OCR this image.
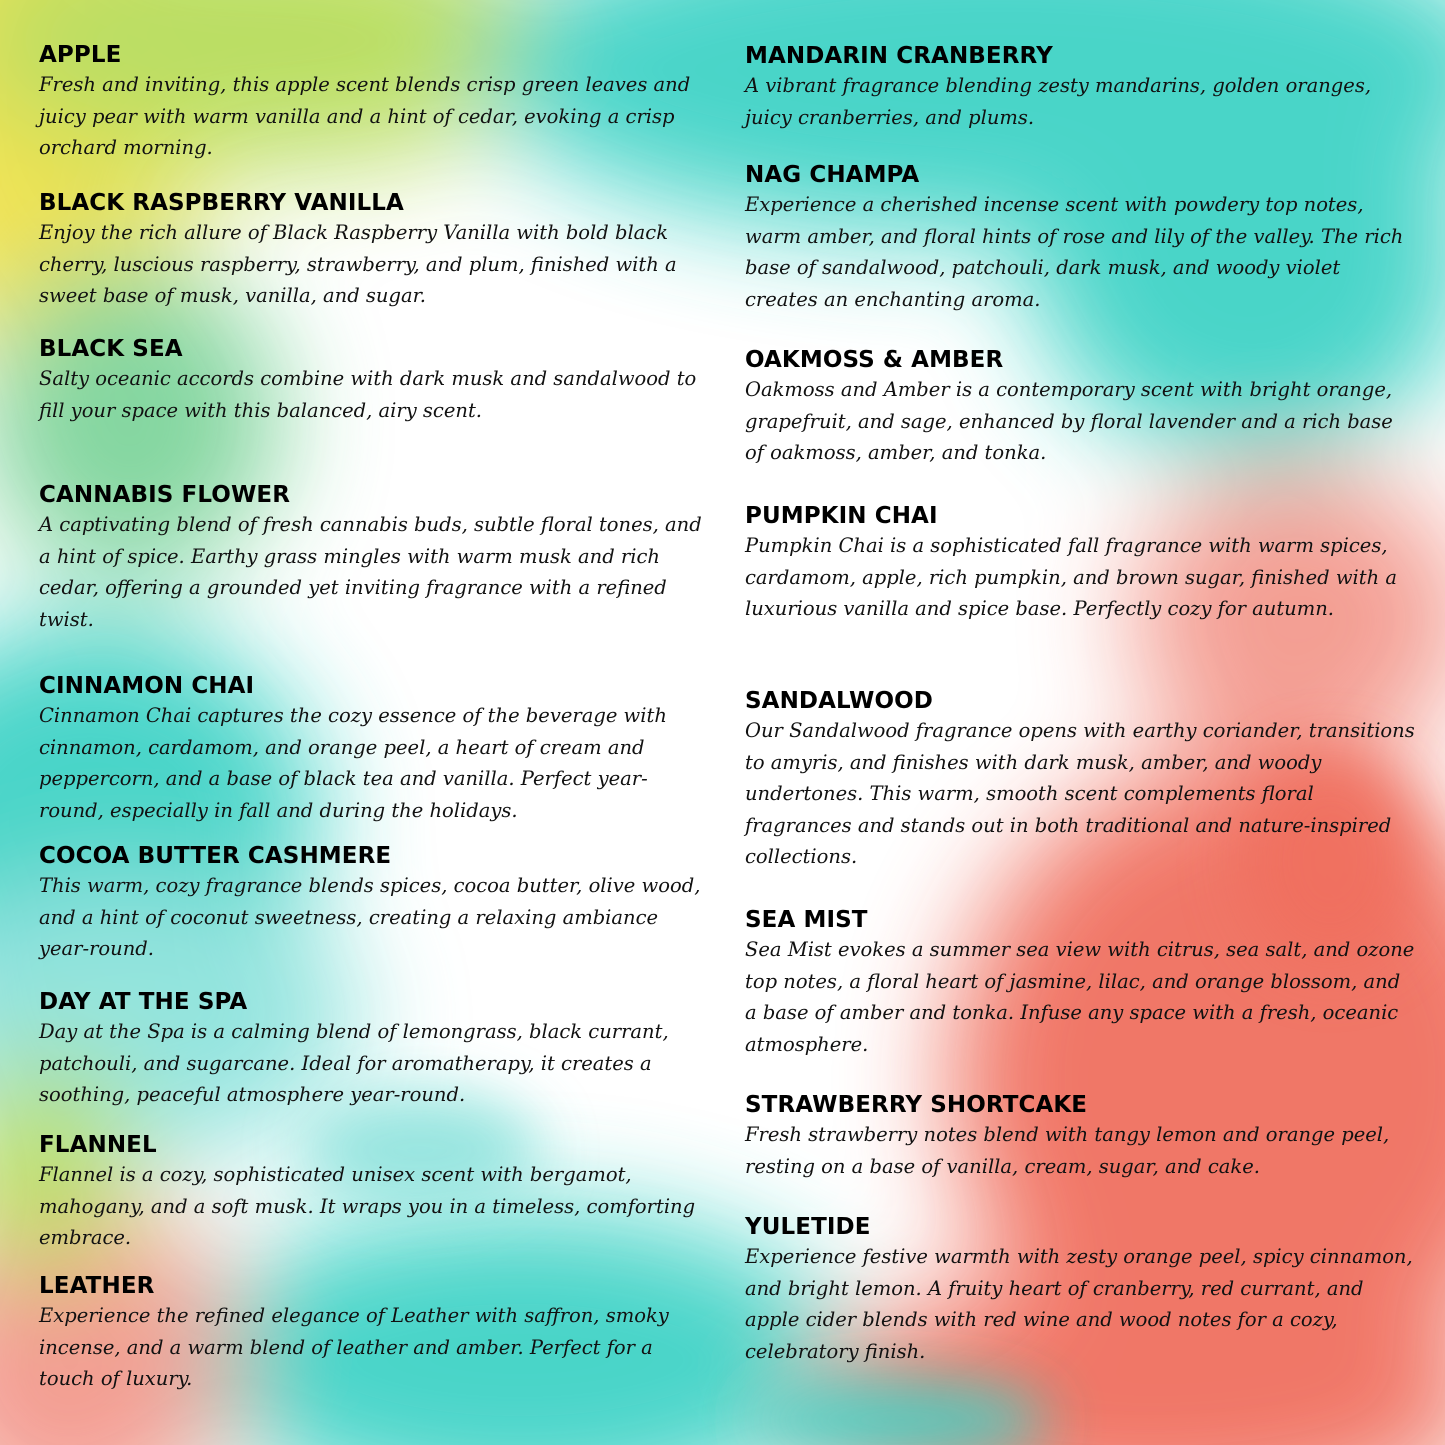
APPLE

Fresh and inviting, this apple scent blends crisp green leaves and juicy pear with warm vanilla and a hint of cedar, evoking a crisp orchard morning.

BLACK RASPBERRY VANILLA

Enjoy the rich allure of Black Raspberry Vanilla with bold black cherry, luscious raspberry, strawberry, and plum, finished with a sweet base of musk, vanilla, and sugar.

BLACK SEA

Salty oceanic accords combine with dark musk and sandalwood to fill your space with this balanced, airy scent.

CANNABIS FLOWER

A captivating blend of fresh cannabis buds, subtle floral tones, and a hint of spice. Earthy grass mingles with warm musk and rich cedar, offering a grounded yet inviting fragrance with a refined twist.

CINNAMON CHAI

Cinnamon Chai captures the cozy essence of the beverage with cinnamon, cardamom, and orange peel, a heart of cream and peppercorn, and a base of black tea and vanilla. Perfect year-round, especially in fall and during the holidays.

COCOA BUTTER CASHMERE

This warm, cozy fragrance blends spices, cocoa butter, olive wood, and a hint of coconut sweetness, creating a relaxing ambiance year-round.

DAY AT THE SPA

Day at the Spa is a calming blend of lemongrass, black currant, patchouli, and sugarcane. Ideal for aromatherapy, it creates a soothing, peaceful atmosphere year-round.

FLANNEL

Flannel is a cozy, sophisticated unisex scent with bergamot, mahogany, and a soft musk. It wraps you in a timeless, comforting embrace.

LEATHER

Experience the refined elegance of Leather with saffron, smoky incense, and a warm blend of leather and amber. Perfect for a touch of luxury.

MANDARIN CRANBERRY

A vibrant fragrance blending zesty mandarins, golden oranges, juicy cranberries, and plums.

NAG CHAMPA

Experience a cherished incense scent with powdery top notes, warm amber, and floral hints of rose and lily of the valley. The rich base of sandalwood, patchouli, dark musk, and woody violet creates an enchanting aroma.

OAKMOSS & AMBER

Oakmoss and Amber is a contemporary scent with bright orange, grapefruit, and sage, enhanced by floral lavender and a rich base of oakmoss, amber, and tonka.

PUMPKIN CHAI

Pumpkin Chai is a sophisticated fall fragrance with warm spices, cardamom, apple, rich pumpkin, and brown sugar, finished with a luxurious vanilla and spice base. Perfectly cozy for autumn.

SANDALWOOD

Our Sandalwood fragrance opens with earthy coriander, transitions to amyris, and finishes with dark musk, amber, and woody undertones. This warm, smooth scent complements floral fragrances and stands out in both traditional and nature-inspired collections.

SEA MIST

Sea Mist evokes a summer sea view with citrus, sea salt, and ozone top notes, a floral heart of jasmine, lilac, and orange blossom, and a base of amber and tonka. Infuse any space with a fresh, oceanic atmosphere.

STRAWBERRY SHORTCAKE

Fresh strawberry notes blend with tangy lemon and orange peel, resting on a base of vanilla, cream, sugar, and cake.

YULETIDE

Experience festive warmth with zesty orange peel, spicy cinnamon, and bright lemon. A fruity heart of cranberry, red currant, and apple cider blends with red wine and wood notes for a cozy, celebratory finish.
